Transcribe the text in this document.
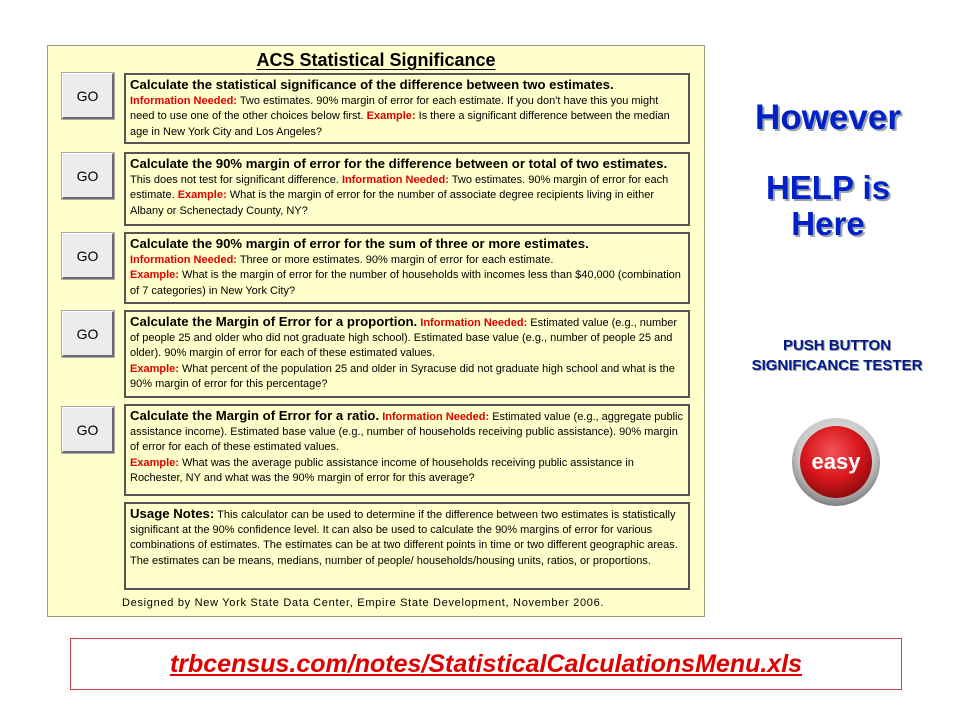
ACS Statistical Significance
GO
Calculate the statistical significance of the difference between two estimates.
Information Needed: Two estimates. 90% margin of error for each estimate. If you don't have this you might need to use one of the other choices below first. Example: Is there a significant difference between the median age in New York City and Los Angeles?
GO
Calculate the 90% margin of error for the difference between or total of two estimates. This does not test for significant difference. Information Needed: Two estimates. 90% margin of error for each estimate. Example: What is the margin of error for the number of associate degree recipients living in either Albany or Schenectady County, NY?
GO
Calculate the 90% margin of error for the sum of three or more estimates.
Information Needed: Three or more estimates. 90% margin of error for each estimate.
Example: What is the margin of error for the number of households with incomes less than $40,000 (combination of 7 categories) in New York City?
GO
Calculate the Margin of Error for a proportion. Information Needed: Estimated value (e.g., number of people 25 and older who did not graduate high school). Estimated base value (e.g., number of people 25 and older). 90% margin of error for each of these estimated values.
Example: What percent of the population 25 and older in Syracuse did not graduate high school and what is the 90% margin of error for this percentage?
GO
Calculate the Margin of Error for a ratio. Information Needed: Estimated value (e.g., aggregate public assistance income). Estimated base value (e.g., number of households receiving public assistance). 90% margin of error for each of these estimated values.
Example: What was the average public assistance income of households receiving public assistance in Rochester, NY and what was the 90% margin of error for this average?
Usage Notes: This calculator can be used to determine if the difference between two estimates is statistically significant at the 90% confidence level. It can also be used to calculate the 90% margins of error for various combinations of estimates. The estimates can be at two different points in time or two different geographic areas. The estimates can be means, medians, number of people/ households/housing units, ratios, or proportions.
Designed by New York State Data Center, Empire State Development, November 2006.
However
HELP is Here
PUSH BUTTON SIGNIFICANCE TESTER
easy
trbcensus.com/notes/StatisticalCalculationsMenu.xls
